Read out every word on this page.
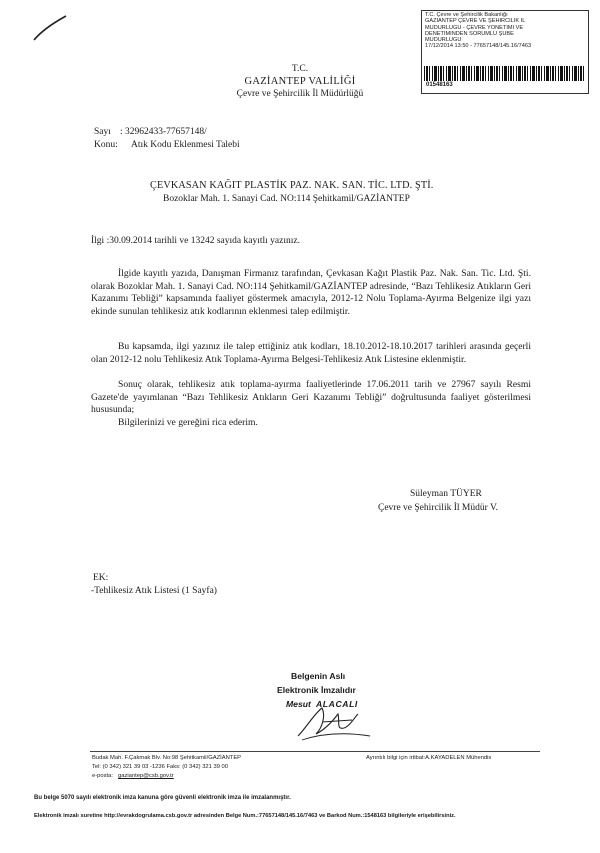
T.C. Çevre ve Şehircilik Bakanlığı
GAZİANTEP ÇEVRE VE ŞEHİRCİLİK İL
MÜDÜRLÜĞÜ - ÇEVRE YÖNETİMİ VE
DENETİMİNDEN SORUMLU ŞUBE
MÜDÜRLÜĞÜ
17/12/2014 13:50 - 77657148/145.16/7463
01548163
T.C.
GAZİANTEP VALİLİĞİ
Çevre ve Şehircilik İl Müdürlüğü
Sayı : 32962433-77657148/
Konu: Atık Kodu Eklenmesi Talebi
ÇEVKASAN KAĞIT PLASTİK PAZ. NAK. SAN. TİC. LTD. ŞTİ.
Bozoklar Mah. 1. Sanayi Cad. NO:114 Şehitkamil/GAZİANTEP
İlgi :30.09.2014 tarihli ve 13242 sayıda kayıtlı yazınız.
İlgide kayıtlı yazıda, Danışman Firmanız tarafından, Çevkasan Kağıt Plastik Paz. Nak. San. Tic. Ltd. Şti. olarak Bozoklar Mah. 1. Sanayi Cad. NO:114 Şehitkamil/GAZİANTEP adresinde, “Bazı Tehlikesiz Atıkların Geri Kazanımı Tebliği” kapsamında faaliyet göstermek amacıyla, 2012-12 Nolu Toplama-Ayırma Belgenize ilgi yazı ekinde sunulan tehlikesiz atık kodlarının eklenmesi talep edilmiştir.
Bu kapsamda, ilgi yazınız ile talep ettiğiniz atık kodları, 18.10.2012-18.10.2017 tarihleri arasında geçerli olan 2012-12 nolu Tehlikesiz Atık Toplama-Ayırma Belgesi-Tehlikesiz Atık Listesine eklenmiştir.
Sonuç olarak, tehlikesiz atık toplama-ayırma faaliyetlerinde 17.06.2011 tarih ve 27967 sayılı Resmi Gazete'de yayımlanan “Bazı Tehlikesiz Atıkların Geri Kazanımı Tebliği” doğrultusunda faaliyet gösterilmesi hususunda;
Bilgilerinizi ve gereğini rica ederim.
Süleyman TÜYER
Çevre ve Şehircilik İl Müdür V.
EK:
-Tehlikesiz Atık Listesi (1 Sayfa)
Belgenin Aslı
Elektronik İmzalıdır
Mesut ALACALI
Budak Mah. F.Çakmak Blv. No:98 Şehitkamil/GAZİANTEP
Tel: (0 342) 321 39 03 -1236 Faks: (0 342) 321 39 00
e-posta: gaziantep@csb.gov.tr
Ayrıntılı bilgi için irtibat:A.KAYADELEN Mühendis
Bu belge 5070 sayılı elektronik imza kanuna göre güvenli elektronik imza ile imzalanmıştır.
Elektronik imzalı suretine http://evrakdogrulama.csb.gov.tr adresinden Belge Num.:77657148/145.16/7463 ve Barkod Num.:1548163 bilgileriyle erişebilirsiniz.
